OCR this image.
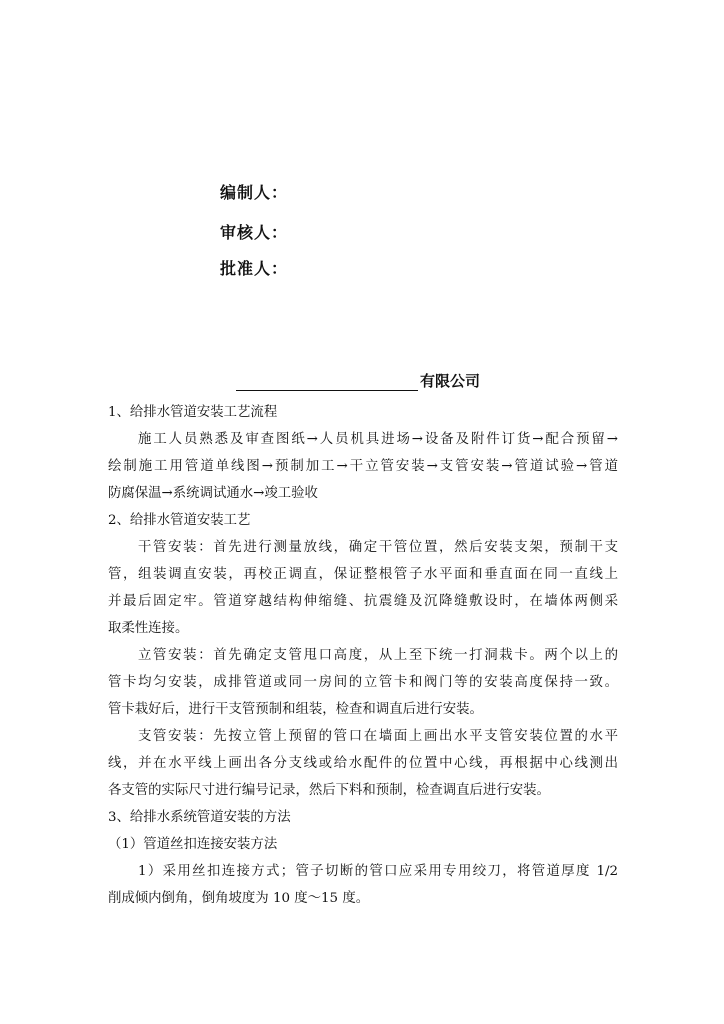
编制人：
审核人：
批准人：
有限公司
1、给排水管道安装工艺流程
施工人员熟悉及审查图纸→人员机具进场→设备及附件订货→配合预留→
绘制施工用管道单线图→预制加工→干立管安装→支管安装→管道试验→管道
防腐保温→系统调试通水→竣工验收
2、给排水管道安装工艺
干管安装：首先进行测量放线，确定干管位置，然后安装支架，预制干支
管，组装调直安装，再校正调直，保证整根管子水平面和垂直面在同一直线上
并最后固定牢。管道穿越结构伸缩缝、抗震缝及沉降缝敷设时，在墙体两侧采
取柔性连接。
立管安装：首先确定支管甩口高度，从上至下统一打洞栽卡。两个以上的
管卡均匀安装，成排管道或同一房间的立管卡和阀门等的安装高度保持一致。
管卡栽好后，进行干支管预制和组装，检查和调直后进行安装。
支管安装：先按立管上预留的管口在墙面上画出水平支管安装位置的水平
线，并在水平线上画出各分支线或给水配件的位置中心线，再根据中心线测出
各支管的实际尺寸进行编号记录，然后下料和预制，检查调直后进行安装。
3、给排水系统管道安装的方法
（1）管道丝扣连接安装方法
1）采用丝扣连接方式；管子切断的管口应采用专用绞刀，将管道厚度 1/2
削成倾内倒角，倒角坡度为 10 度～15 度。
